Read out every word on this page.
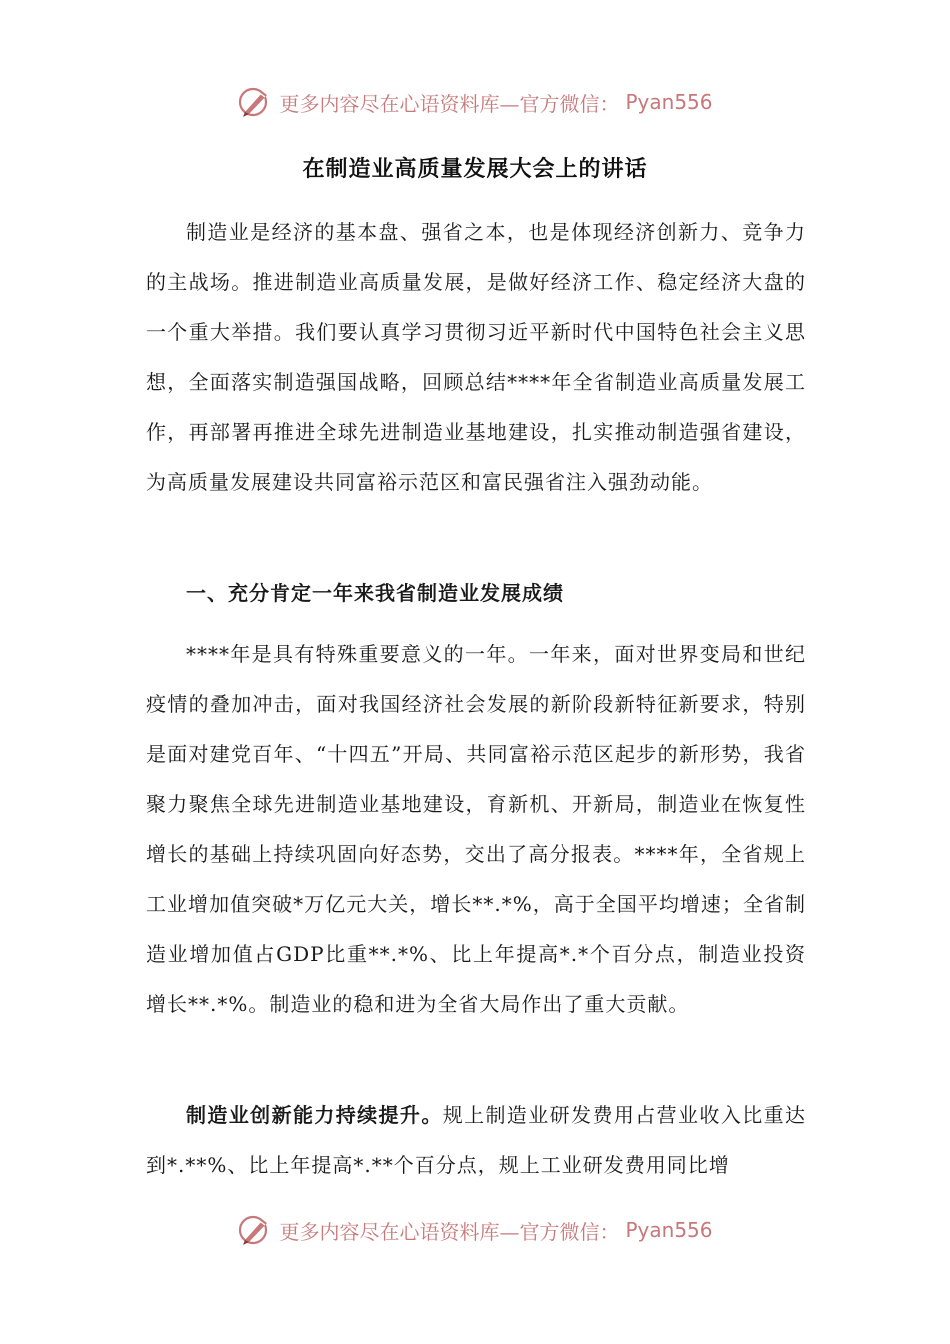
更多内容尽在心语资料库—官方微信： Pyan556
在制造业高质量发展大会上的讲话

制造业是经济的基本盘、强省之本，也是体现经济创新力、竞争力的主战场。推进制造业高质量发展，是做好经济工作、稳定经济大盘的一个重大举措。我们要认真学习贯彻习近平新时代中国特色社会主义思想，全面落实制造强国战略，回顾总结****年全省制造业高质量发展工作，再部署再推进全球先进制造业基地建设，扎实推动制造强省建设，为高质量发展建设共同富裕示范区和富民强省注入强劲动能。

一、充分肯定一年来我省制造业发展成绩

****年是具有特殊重要意义的一年。一年来，面对世界变局和世纪疫情的叠加冲击，面对我国经济社会发展的新阶段新特征新要求，特别是面对建党百年、“十四五”开局、共同富裕示范区起步的新形势，我省聚力聚焦全球先进制造业基地建设，育新机、开新局，制造业在恢复性增长的基础上持续巩固向好态势，交出了高分报表。****年，全省规上工业增加值突破*万亿元大关，增长**.*%，高于全国平均增速；全省制造业增加值占GDP比重**.*%、比上年提高*.*个百分点，制造业投资增长**.*%。制造业的稳和进为全省大局作出了重大贡献。

制造业创新能力持续提升。规上制造业研发费用占营业收入比重达到*.**%、比上年提高*.**个百分点，规上工业研发费用同比增

更多内容尽在心语资料库—官方微信： Pyan556
